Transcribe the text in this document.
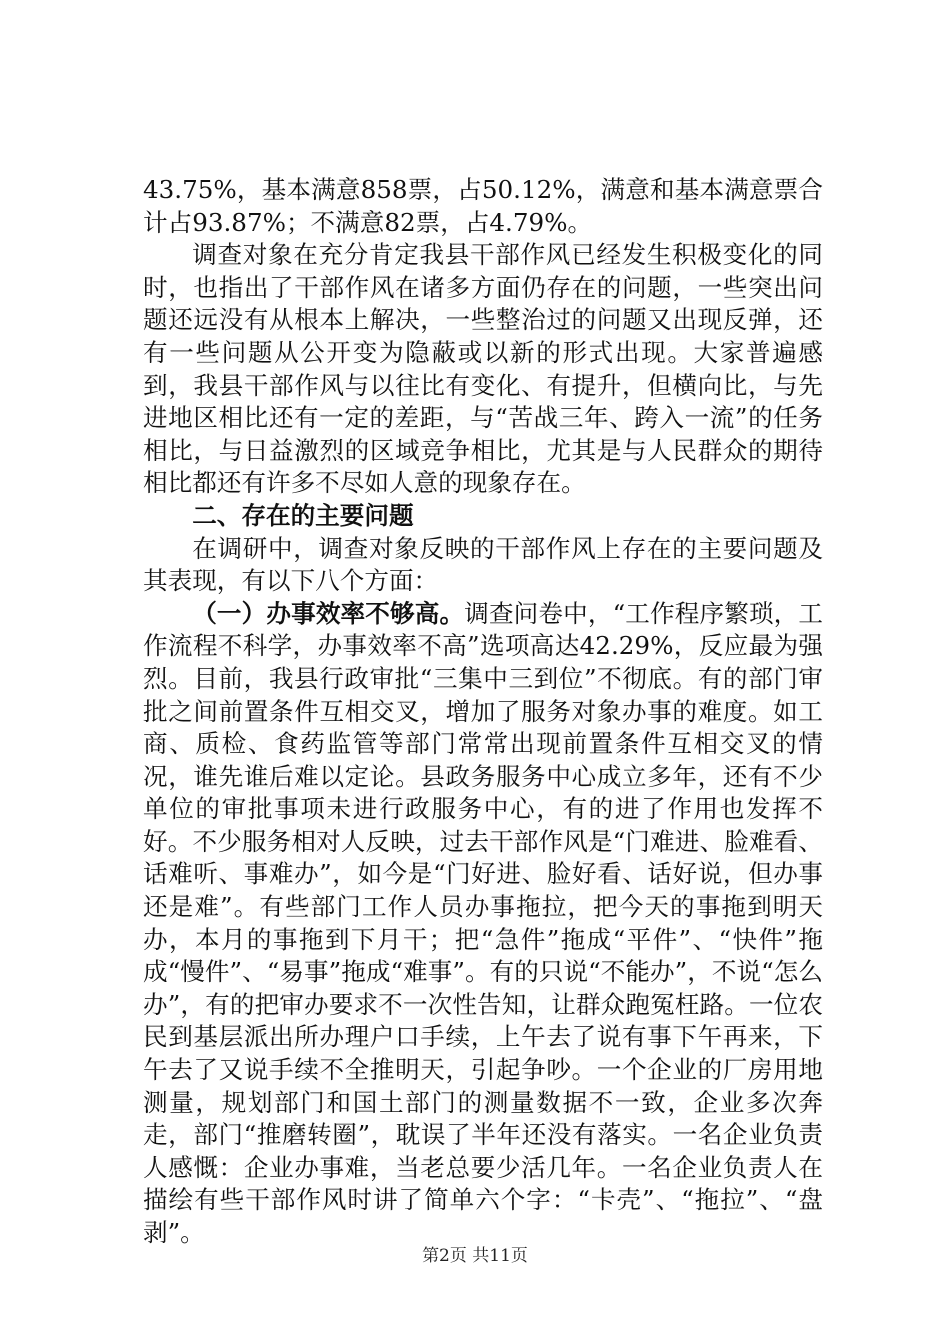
43.75%，基本满意858票，占50.12%，满意和基本满意票合计占93.87%；不满意82票，占4.79%。

调查对象在充分肯定我县干部作风已经发生积极变化的同时，也指出了干部作风在诸多方面仍存在的问题，一些突出问题还远没有从根本上解决，一些整治过的问题又出现反弹，还有一些问题从公开变为隐蔽或以新的形式出现。大家普遍感到，我县干部作风与以往比有变化、有提升，但横向比，与先进地区相比还有一定的差距，与“苦战三年、跨入一流”的任务相比，与日益激烈的区域竞争相比，尤其是与人民群众的期待相比都还有许多不尽如人意的现象存在。

二、存在的主要问题

在调研中，调查对象反映的干部作风上存在的主要问题及其表现，有以下八个方面：

（一）办事效率不够高。调查问卷中，“工作程序繁琐，工作流程不科学，办事效率不高”选项高达42.29%，反应最为强烈。目前，我县行政审批“三集中三到位”不彻底。有的部门审批之间前置条件互相交叉，增加了服务对象办事的难度。如工商、质检、食药监管等部门常常出现前置条件互相交叉的情况，谁先谁后难以定论。县政务服务中心成立多年，还有不少单位的审批事项未进行政服务中心，有的进了作用也发挥不好。不少服务相对人反映，过去干部作风是“门难进、脸难看、话难听、事难办”，如今是“门好进、脸好看、话好说，但办事还是难”。有些部门工作人员办事拖拉，把今天的事拖到明天办，本月的事拖到下月干；把“急件”拖成“平件”、“快件”拖成“慢件”、“易事”拖成“难事”。有的只说“不能办”，不说“怎么办”，有的把审办要求不一次性告知，让群众跑冤枉路。一位农民到基层派出所办理户口手续，上午去了说有事下午再来，下午去了又说手续不全推明天，引起争吵。一个企业的厂房用地测量，规划部门和国土部门的测量数据不一致，企业多次奔走，部门“推磨转圈”，耽误了半年还没有落实。一名企业负责人感慨：企业办事难，当老总要少活几年。一名企业负责人在描绘有些干部作风时讲了简单六个字：“卡壳”、“拖拉”、“盘剥”。

第2页 共11页
